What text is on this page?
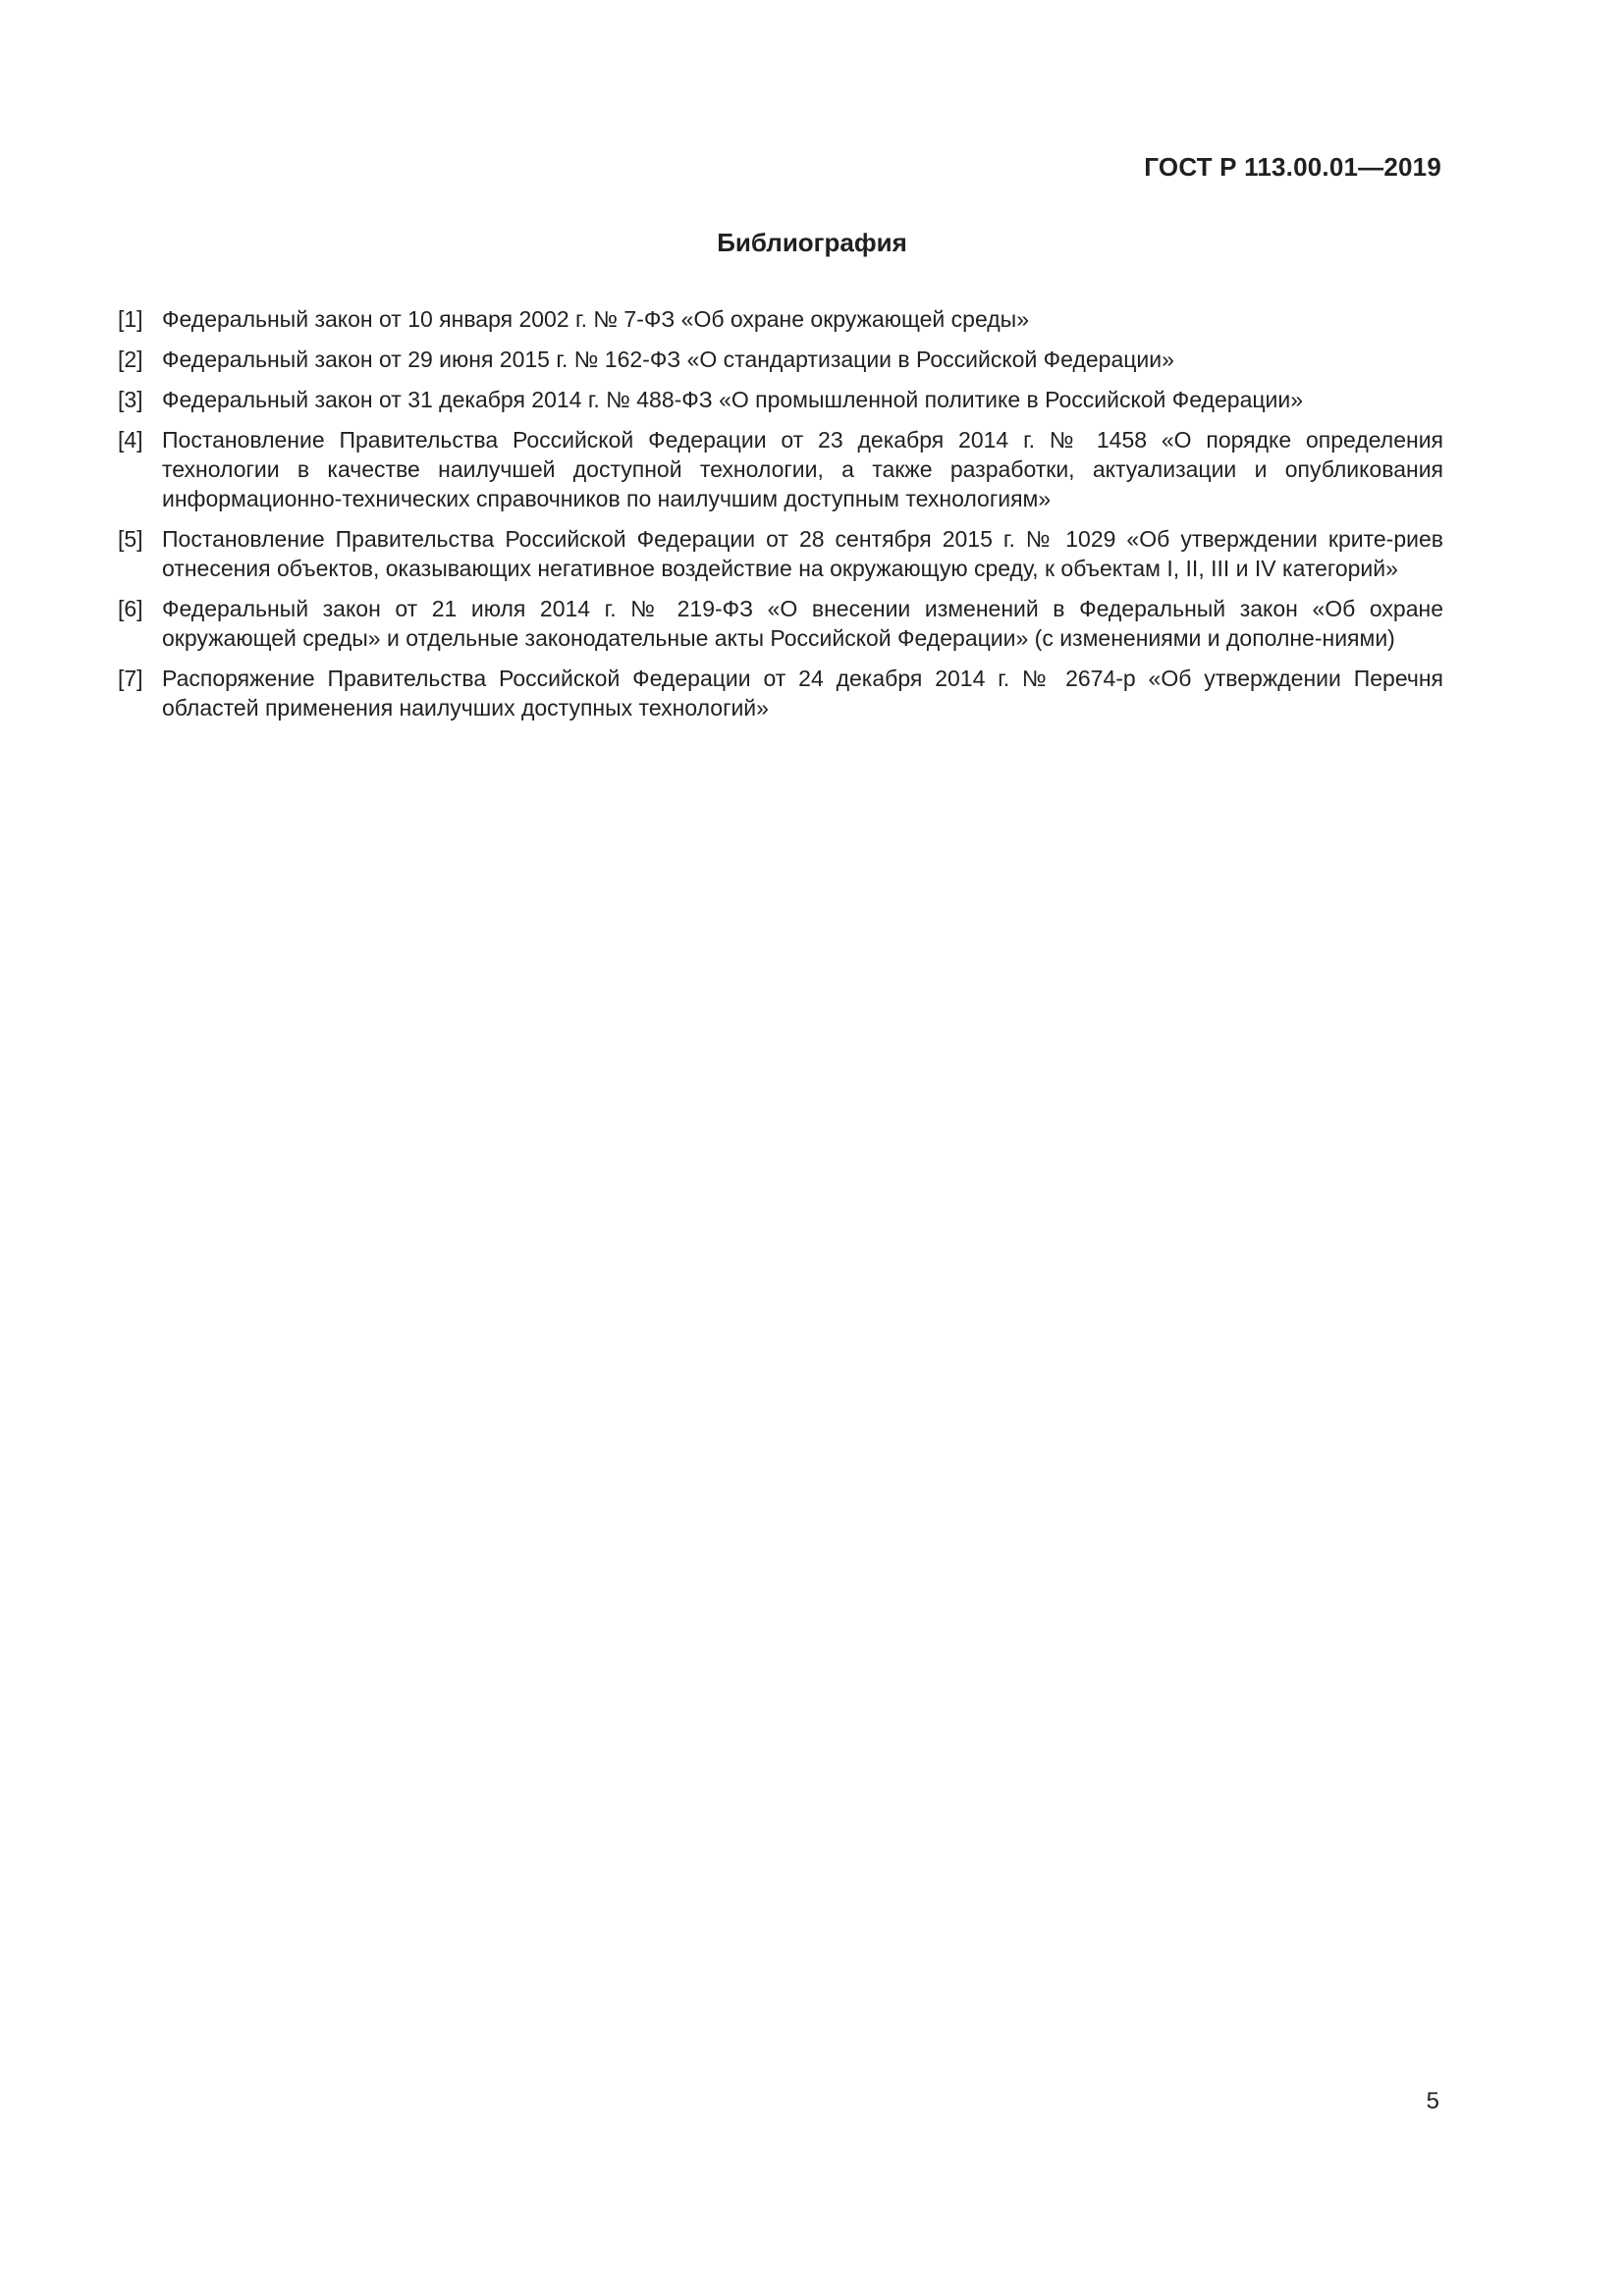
ГОСТ Р 113.00.01—2019
Библиография
[1] Федеральный закон от 10 января 2002 г. № 7-ФЗ «Об охране окружающей среды»
[2] Федеральный закон от 29 июня 2015 г. № 162-ФЗ «О стандартизации в Российской Федерации»
[3] Федеральный закон от 31 декабря 2014 г. № 488-ФЗ «О промышленной политике в Российской Федерации»
[4] Постановление Правительства Российской Федерации от 23 декабря 2014 г. № 1458 «О порядке определения технологии в качестве наилучшей доступной технологии, а также разработки, актуализации и опубликования информационно-технических справочников по наилучшим доступным технологиям»
[5] Постановление Правительства Российской Федерации от 28 сентября 2015 г. № 1029 «Об утверждении крите-риев отнесения объектов, оказывающих негативное воздействие на окружающую среду, к объектам I, II, III и IV категорий»
[6] Федеральный закон от 21 июля 2014 г. № 219-ФЗ «О внесении изменений в Федеральный закон «Об охране окружающей среды» и отдельные законодательные акты Российской Федерации» (с изменениями и дополне-ниями)
[7] Распоряжение Правительства Российской Федерации от 24 декабря 2014 г. № 2674-р «Об утверждении Перечня областей применения наилучших доступных технологий»
5
